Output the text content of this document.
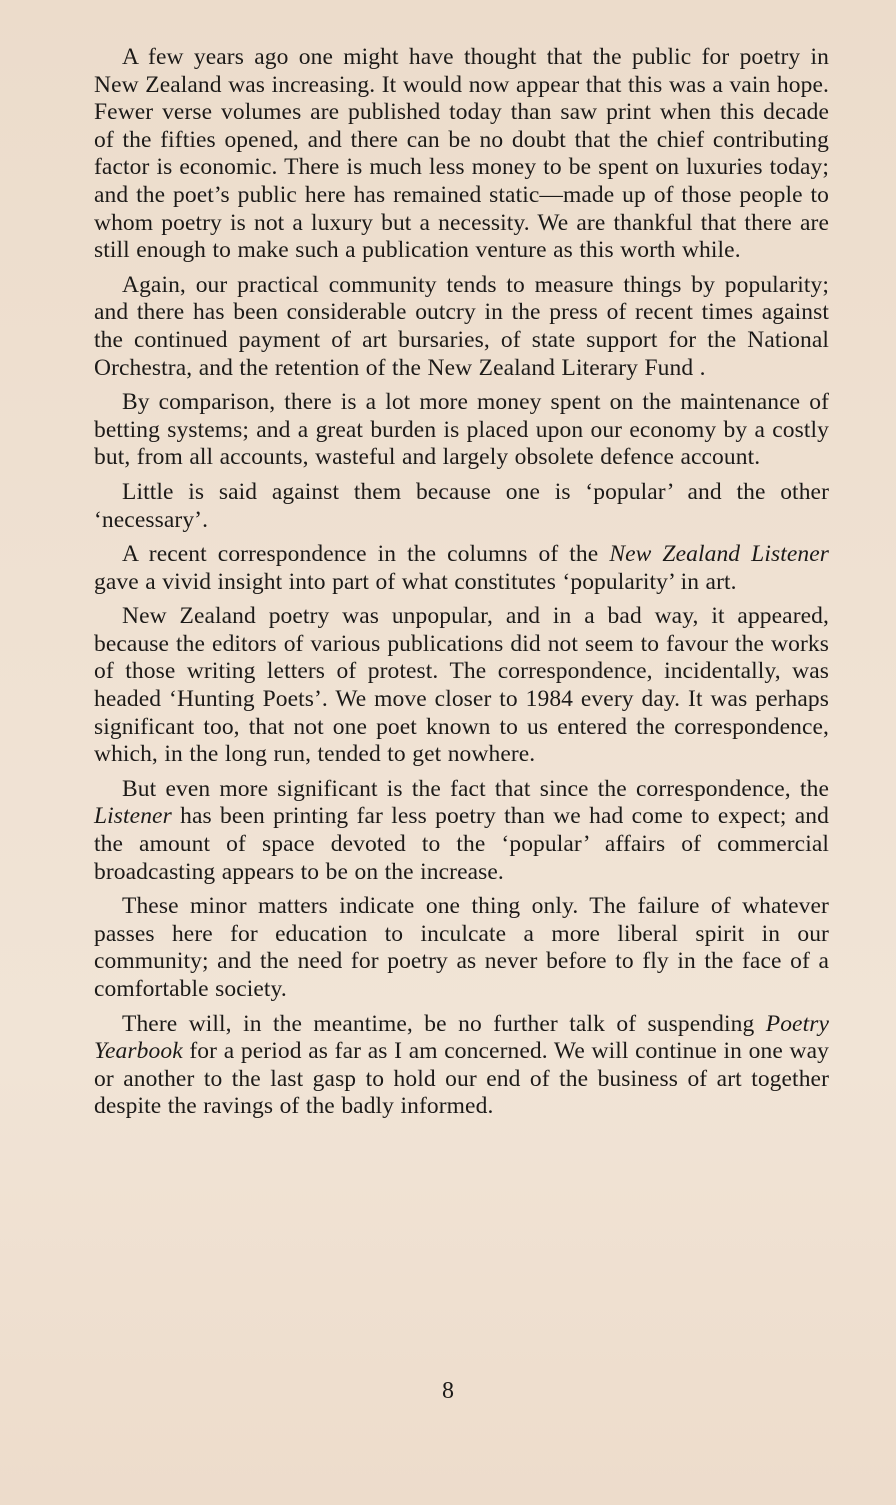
A few years ago one might have thought that the public for poetry in New Zealand was increasing. It would now appear that this was a vain hope. Fewer verse volumes are published today than saw print when this decade of the fifties opened, and there can be no doubt that the chief contributing factor is economic. There is much less money to be spent on luxuries today; and the poet’s public here has remained static—made up of those people to whom poetry is not a luxury but a necessity. We are thankful that there are still enough to make such a publication venture as this worth while.

Again, our practical community tends to measure things by popularity; and there has been considerable outcry in the press of recent times against the continued payment of art bursaries, of state support for the National Orchestra, and the retention of the New Zealand Literary Fund .

By comparison, there is a lot more money spent on the maintenance of betting systems; and a great burden is placed upon our economy by a costly but, from all accounts, wasteful and largely obsolete defence account.

Little is said against them because one is ‘popular’ and the other ‘necessary’.

A recent correspondence in the columns of the New Zealand Listener gave a vivid insight into part of what constitutes ‘popularity’ in art.

New Zealand poetry was unpopular, and in a bad way, it appeared, because the editors of various publications did not seem to favour the works of those writing letters of protest. The correspondence, incidentally, was headed ‘Hunting Poets’. We move closer to 1984 every day. It was perhaps significant too, that not one poet known to us entered the correspondence, which, in the long run, tended to get nowhere.

But even more significant is the fact that since the correspondence, the Listener has been printing far less poetry than we had come to expect; and the amount of space devoted to the ‘popular’ affairs of commercial broadcasting appears to be on the increase.

These minor matters indicate one thing only. The failure of whatever passes here for education to inculcate a more liberal spirit in our community; and the need for poetry as never before to fly in the face of a comfortable society.

There will, in the meantime, be no further talk of suspending Poetry Yearbook for a period as far as I am concerned. We will continue in one way or another to the last gasp to hold our end of the business of art together despite the ravings of the badly informed.

8
